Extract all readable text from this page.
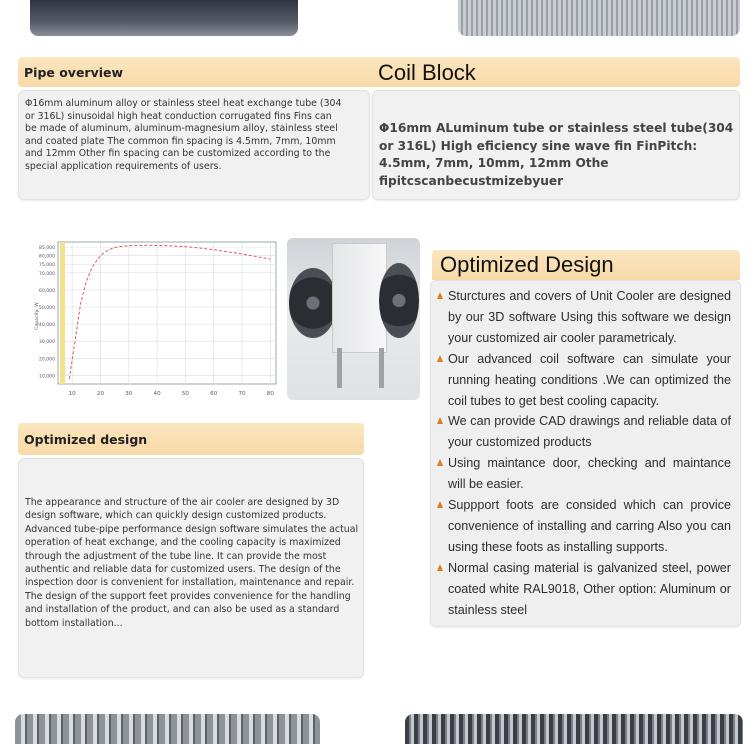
Pipe overview	Coil Block

Φ16mm aluminum alloy or stainless steel heat exchange tube (304 or 316L) sinusoidal high heat conduction corrugated fins Fins can be made of aluminum, aluminum-magnesium alloy, stainless steel and coated plate The common fin spacing is 4.5mm, 7mm, 10mm and 12mm Other fin spacing can be customized according to the special application requirements of users.

Φ16mm ALuminum tube or stainless steel tube(304 or 316L) High eficiency sine wave fin FinPitch: 4.5mm, 7mm, 10mm, 12mm Othe fipitcscanbecustmizebyuer

10,000
20,000
30,000
40,000
50,000
60,000
70,000
75,000
80,000
85,000
10	20	30	40	50	60	70	80
Capacity, W
Optimized Design
Sturctures and covers of Unit Cooler are designed by our 3D software Using this software we design your customized air cooler parametricaly.
Our advanced coil software can simulate your running heating conditions .We can optimized the coil tubes to get best cooling capacity.
We can provide CAD drawings and reliable data of your customized products
Using maintance door, checking and maintance will be easier.
Suppport foots are consided which can provice convenience of installing and carring Also you can using these foots as installing supports.
Normal casing material is galvanized steel, power coated white RAL9018, Other option: Aluminum or stainless steel
Optimized design

The appearance and structure of the air cooler are designed by 3D design software, which can quickly design customized products. Advanced tube-pipe performance design software simulates the actual operation of heat exchange, and the cooling capacity is maximized through the adjustment of the tube line. It can provide the most authentic and reliable data for customized users. The design of the inspection door is convenient for installation, maintenance and repair. The design of the support feet provides convenience for the handling and installation of the product, and can also be used as a standard bottom installation...
